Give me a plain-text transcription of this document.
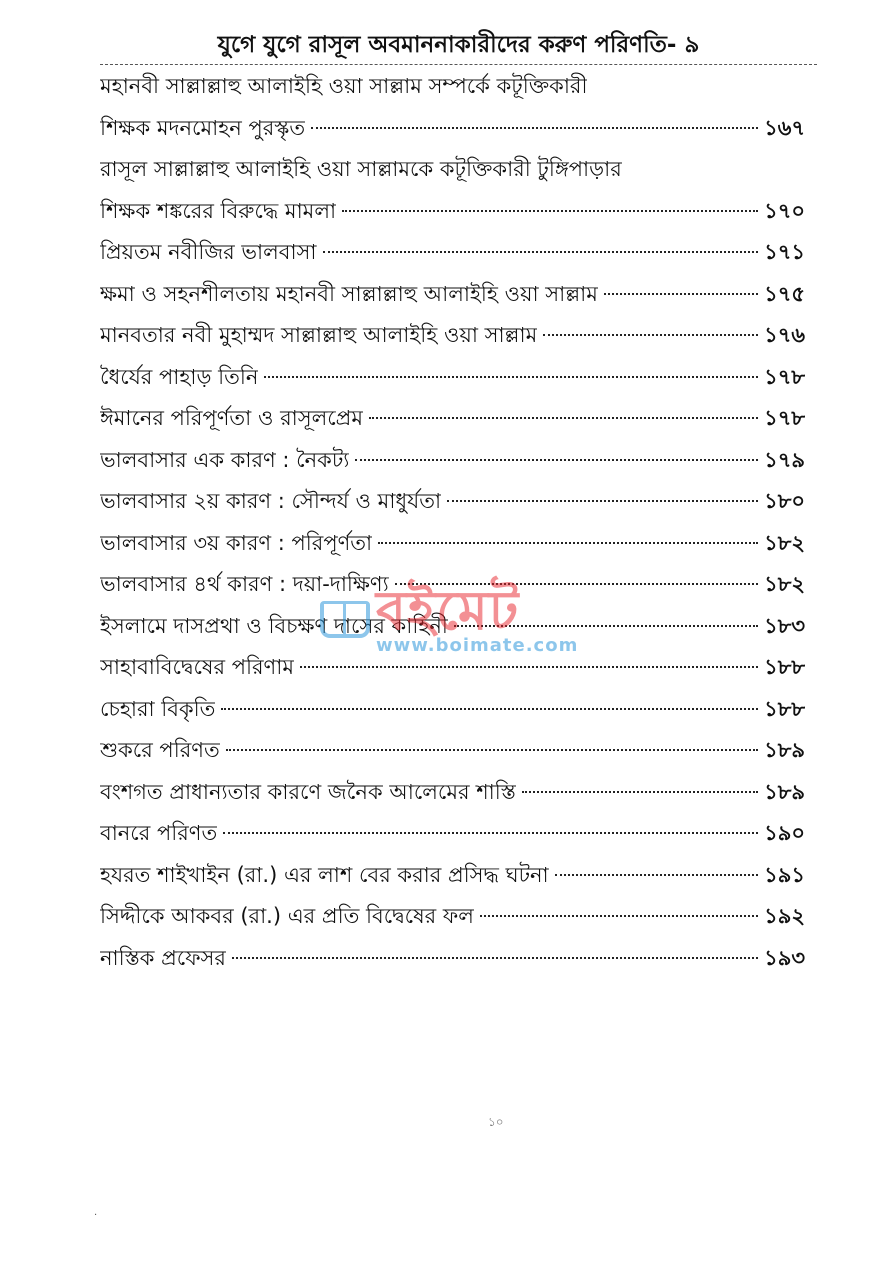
যুগে যুগে রাসূল অবমাননাকারীদের করুণ পরিণতি- ৯
মহানবী সাল্লাল্লাহু আলাইহি ওয়া সাল্লাম সম্পর্কে কটূক্তিকারী
শিক্ষক মদনমোহন পুরস্কৃত	১৬৭
রাসূল সাল্লাল্লাহু আলাইহি ওয়া সাল্লামকে কটূক্তিকারী টুঙ্গিপাড়ার
শিক্ষক শঙ্করের বিরুদ্ধে মামলা	১৭০
প্রিয়তম নবীজির ভালবাসা	১৭১
ক্ষমা ও সহনশীলতায় মহানবী সাল্লাল্লাহু আলাইহি ওয়া সাল্লাম	১৭৫
মানবতার নবী মুহাম্মদ সাল্লাল্লাহু আলাইহি ওয়া সাল্লাম	১৭৬
ধৈর্যের পাহাড় তিনি	১৭৮
ঈমানের পরিপূর্ণতা ও রাসূলপ্রেম	১৭৮
ভালবাসার এক কারণ : নৈকট্য	১৭৯
ভালবাসার ২য় কারণ : সৌন্দর্য ও মাধুর্যতা	১৮০
ভালবাসার ৩য় কারণ : পরিপূর্ণতা	১৮২
ভালবাসার ৪র্থ কারণ : দয়া-দাক্ষিণ্য	১৮২
ইসলামে দাসপ্রথা ও বিচক্ষণ দাসের কাহিনী	১৮৩
সাহাবাবিদ্বেষের পরিণাম	১৮৮
চেহারা বিকৃতি	১৮৮
শুকরে পরিণত	১৮৯
বংশগত প্রাধান্যতার কারণে জনৈক আলেমের শাস্তি	১৮৯
বানরে পরিণত	১৯০
হযরত শাইখাইন (রা.) এর লাশ বের করার প্রসিদ্ধ ঘটনা	১৯১
সিদ্দীকে আকবর (রা.) এর প্রতি বিদ্বেষের ফল	১৯২
নাস্তিক প্রফেসর	১৯৩
বইমেট
www.boimate.com
১০
·
